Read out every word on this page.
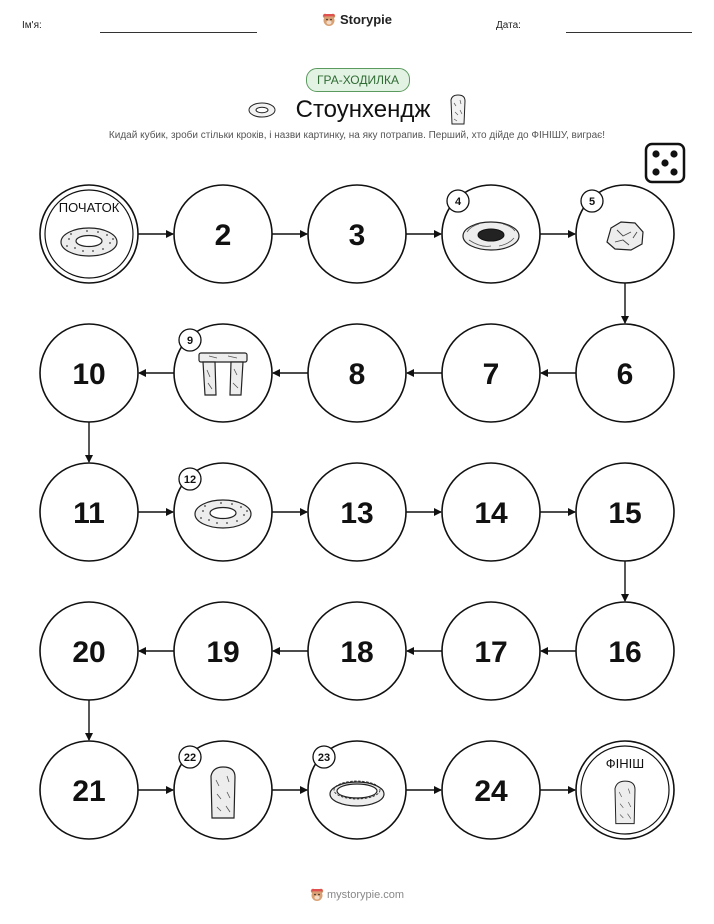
Ім'я:	Дата:
Storypie
ГРА-ХОДИЛКА
Стоунхендж
Кидай кубик, зроби стільки кроків, і назви картинку, на яку потрапив. Перший, хто дійде до ФІНІШУ, виграє!
ПОЧАТОК
2	3
4	5
6
7
8
9
10
11
12
13	14	15
16
17
18
19
20
21
22	23
24
ФІНІШ
mystorypie.com
